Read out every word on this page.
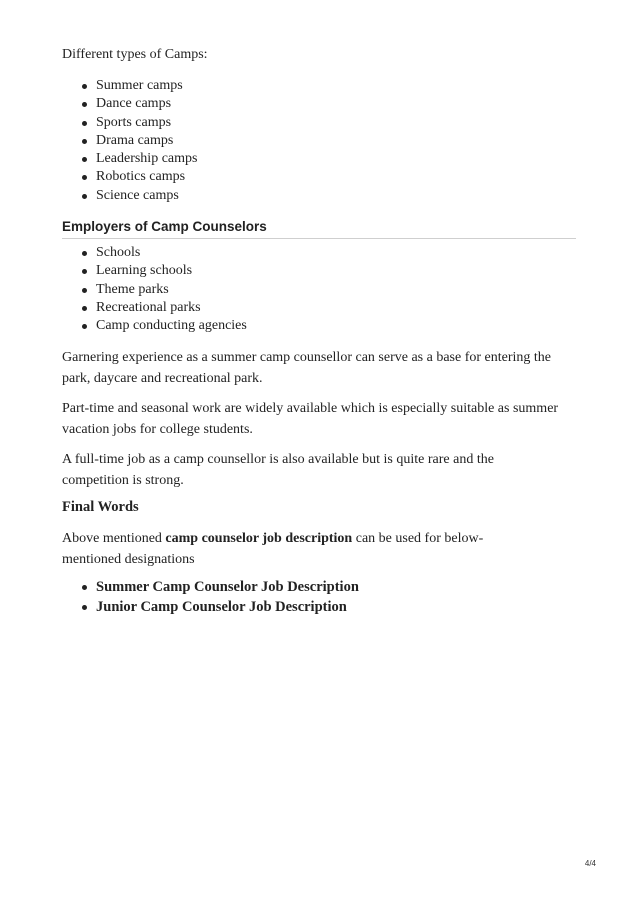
Different types of Camps:

Summer camps
Dance camps
Sports camps
Drama camps
Leadership camps
Robotics camps
Science camps
Employers of Camp Counselors
Schools
Learning schools
Theme parks
Recreational parks
Camp conducting agencies

Garnering experience as a summer camp counsellor can serve as a base for entering the

park, daycare and recreational park.

Part-time and seasonal work are widely available which is especially suitable as summer

vacation jobs for college students.

A full-time job as a camp counsellor is also available but is quite rare and the

competition is strong.

Final Words

Above mentioned camp counselor job description can be used for below-

mentioned designations

Summer Camp Counselor Job Description
Junior Camp Counselor Job Description
4/4
